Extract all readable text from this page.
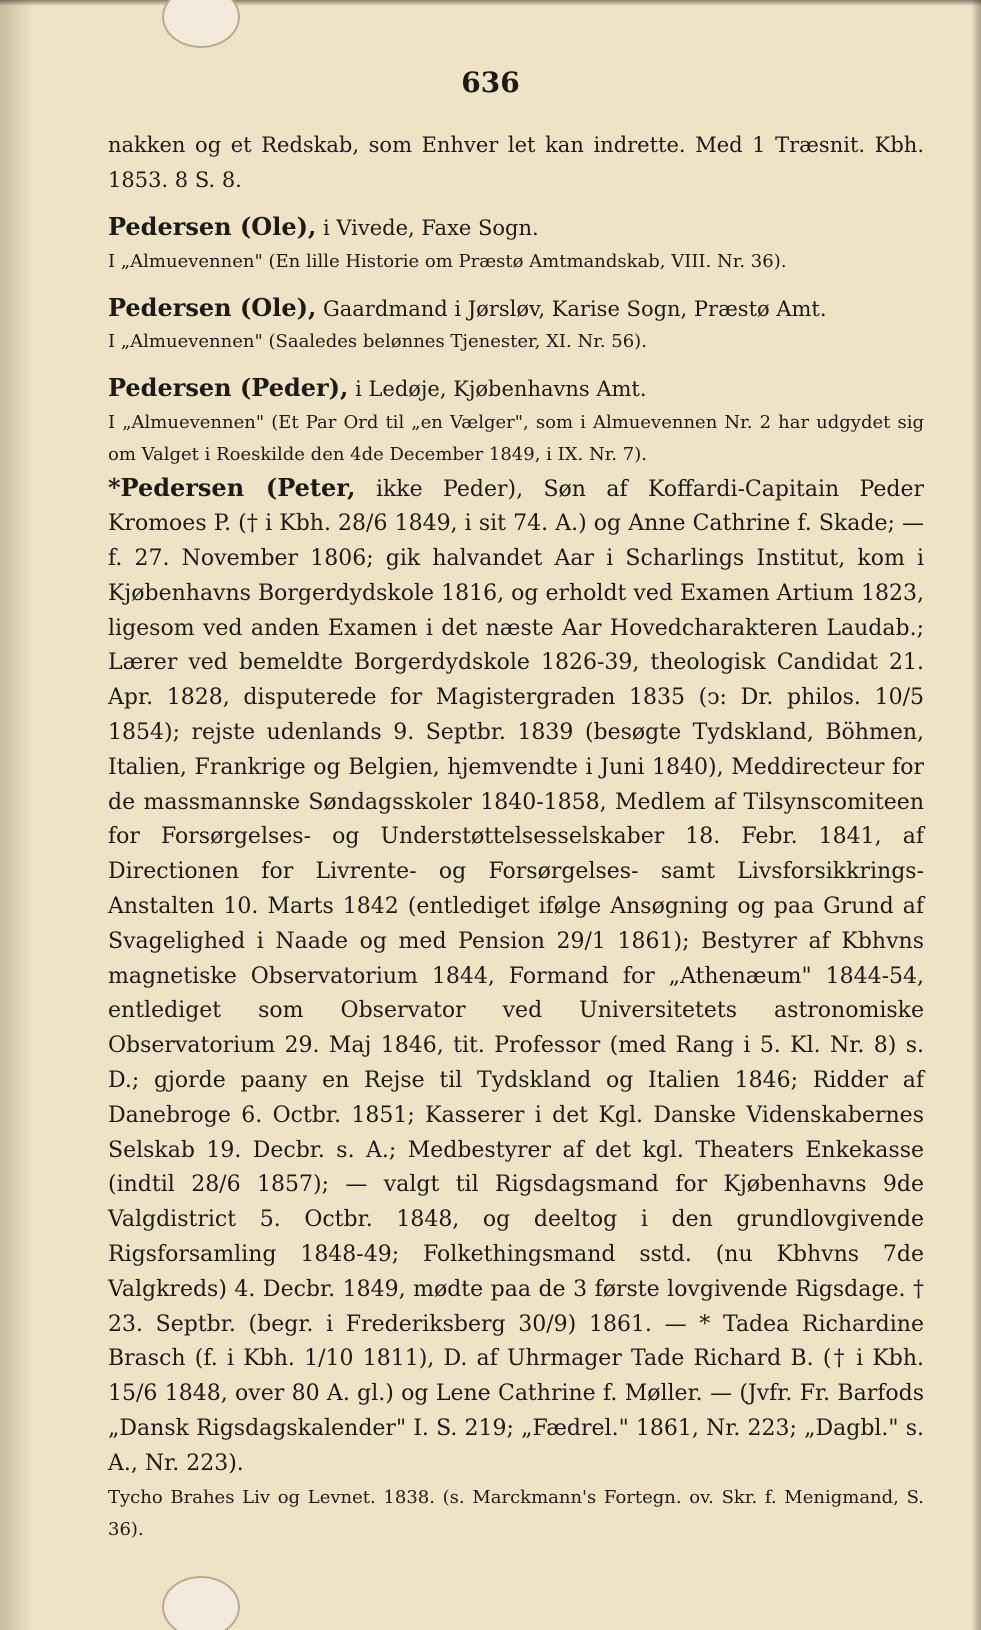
636

nakken og et Redskab, som Enhver let kan indrette. Med 1 Træsnit. Kbh. 1853. 8 S. 8.

Pedersen (Ole), i Vivede, Faxe Sogn.

I „Almuevennen" (En lille Historie om Præstø Amtmandskab, VIII. Nr. 36).

Pedersen (Ole), Gaardmand i Jørsløv, Karise Sogn, Præstø Amt.

I „Almuevennen" (Saaledes belønnes Tjenester, XI. Nr. 56).

Pedersen (Peder), i Ledøje, Kjøbenhavns Amt.

I „Almuevennen" (Et Par Ord til „en Vælger", som i Almuevennen Nr. 2 har udgydet sig om Valget i Roeskilde den 4de December 1849, i IX. Nr. 7).

*Pedersen (Peter, ikke Peder), Søn af Koffardi-Capitain Peder Kromoes P. († i Kbh. 28/6 1849, i sit 74. A.) og Anne Cathrine f. Skade; — f. 27. November 1806; gik halvandet Aar i Scharlings Institut, kom i Kjøbenhavns Borgerdydskole 1816, og erholdt ved Examen Artium 1823, ligesom ved anden Examen i det næste Aar Hovedcharakteren Laudab.; Lærer ved bemeldte Borgerdydskole 1826-39, theologisk Candidat 21. Apr. 1828, disputerede for Magistergraden 1835 (ↄ: Dr. philos. 10/5 1854); rejste udenlands 9. Septbr. 1839 (besøgte Tydskland, Böhmen, Italien, Frankrige og Belgien, hjemvendte i Juni 1840), Meddirecteur for de massmannske Søndagsskoler 1840-1858, Medlem af Tilsynscomiteen for Forsørgelses- og Understøttelsesselskaber 18. Febr. 1841, af Directionen for Livrente- og Forsørgelses- samt Livsforsikkrings-Anstalten 10. Marts 1842 (entlediget ifølge Ansøgning og paa Grund af Svagelighed i Naade og med Pension 29/1 1861); Bestyrer af Kbhvns magnetiske Observatorium 1844, Formand for „Athenæum" 1844-54, entlediget som Observator ved Universitetets astronomiske Observatorium 29. Maj 1846, tit. Professor (med Rang i 5. Kl. Nr. 8) s. D.; gjorde paany en Rejse til Tydskland og Italien 1846; Ridder af Danebroge 6. Octbr. 1851; Kasserer i det Kgl. Danske Videnskabernes Selskab 19. Decbr. s. A.; Medbestyrer af det kgl. Theaters Enkekasse (indtil 28/6 1857); — valgt til Rigsdagsmand for Kjøbenhavns 9de Valgdistrict 5. Octbr. 1848, og deeltog i den grundlovgivende Rigsforsamling 1848-49; Folkethingsmand sstd. (nu Kbhvns 7de Valgkreds) 4. Decbr. 1849, mødte paa de 3 første lovgivende Rigsdage. † 23. Septbr. (begr. i Frederiksberg 30/9) 1861. — * Tadea Richardine Brasch (f. i Kbh. 1/10 1811), D. af Uhrmager Tade Richard B. († i Kbh. 15/6 1848, over 80 A. gl.) og Lene Cathrine f. Møller. — (Jvfr. Fr. Barfods „Dansk Rigsdagskalender" I. S. 219; „Fædrel." 1861, Nr. 223; „Dagbl." s. A., Nr. 223).

Tycho Brahes Liv og Levnet. 1838. (s. Marckmann's Fortegn. ov. Skr. f. Menigmand, S. 36).
